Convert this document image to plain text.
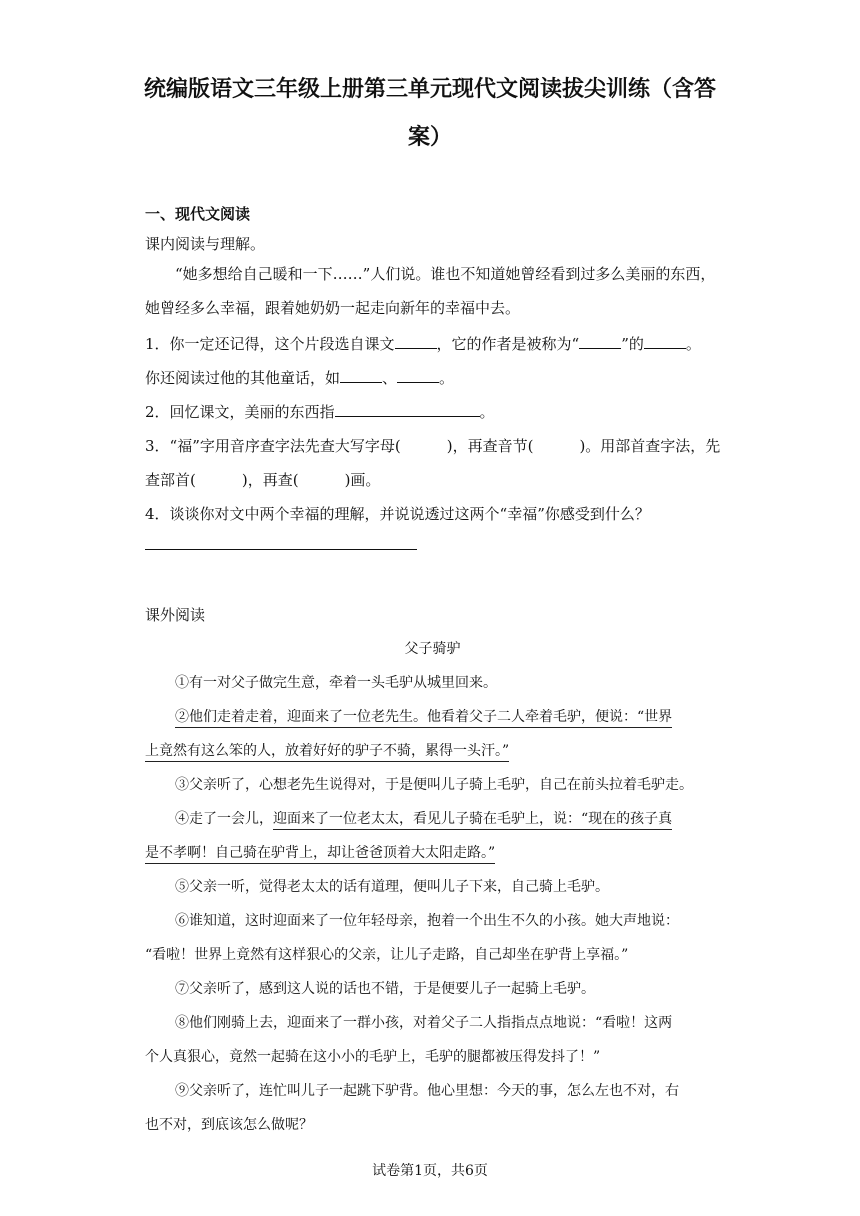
统编版语文三年级上册第三单元现代文阅读拔尖训练（含答
案）
一、现代文阅读
课内阅读与理解。
“她多想给自己暖和一下……”人们说。谁也不知道她曾经看到过多么美丽的东西，
她曾经多么幸福，跟着她奶奶一起走向新年的幸福中去。
1．你一定还记得，这个片段选自课文	，它的作者是被称为“	”的	。
你还阅读过他的其他童话，如	、	。
2．回忆课文，美丽的东西指	。
3．“福”字用音序查字法先查大写字母(	)，再查音节(	)。用部首查字法，先
查部首(	)，再查(	)画。
4．谈谈你对文中两个幸福的理解，并说说透过这两个“幸福”你感受到什么？
课外阅读
父子骑驴
①有一对父子做完生意，牵着一头毛驴从城里回来。
②他们走着走着，迎面来了一位老先生。他看着父子二人牵着毛驴，便说：“世界
上竟然有这么笨的人，放着好好的驴子不骑，累得一头汗。”
③父亲听了，心想老先生说得对，于是便叫儿子骑上毛驴，自己在前头拉着毛驴走。
④走了一会儿，迎面来了一位老太太，看见儿子骑在毛驴上，说：“现在的孩子真
是不孝啊！自己骑在驴背上，却让爸爸顶着大太阳走路。”
⑤父亲一听，觉得老太太的话有道理，便叫儿子下来，自己骑上毛驴。
⑥谁知道，这时迎面来了一位年轻母亲，抱着一个出生不久的小孩。她大声地说：
“看啦！世界上竟然有这样狠心的父亲，让儿子走路，自己却坐在驴背上享福。”
⑦父亲听了，感到这人说的话也不错，于是便要儿子一起骑上毛驴。
⑧他们刚骑上去，迎面来了一群小孩，对着父子二人指指点点地说：“看啦！这两
个人真狠心，竟然一起骑在这小小的毛驴上，毛驴的腿都被压得发抖了！”
⑨父亲听了，连忙叫儿子一起跳下驴背。他心里想：今天的事，怎么左也不对，右
也不对，到底该怎么做呢？
试卷第1页，共6页
